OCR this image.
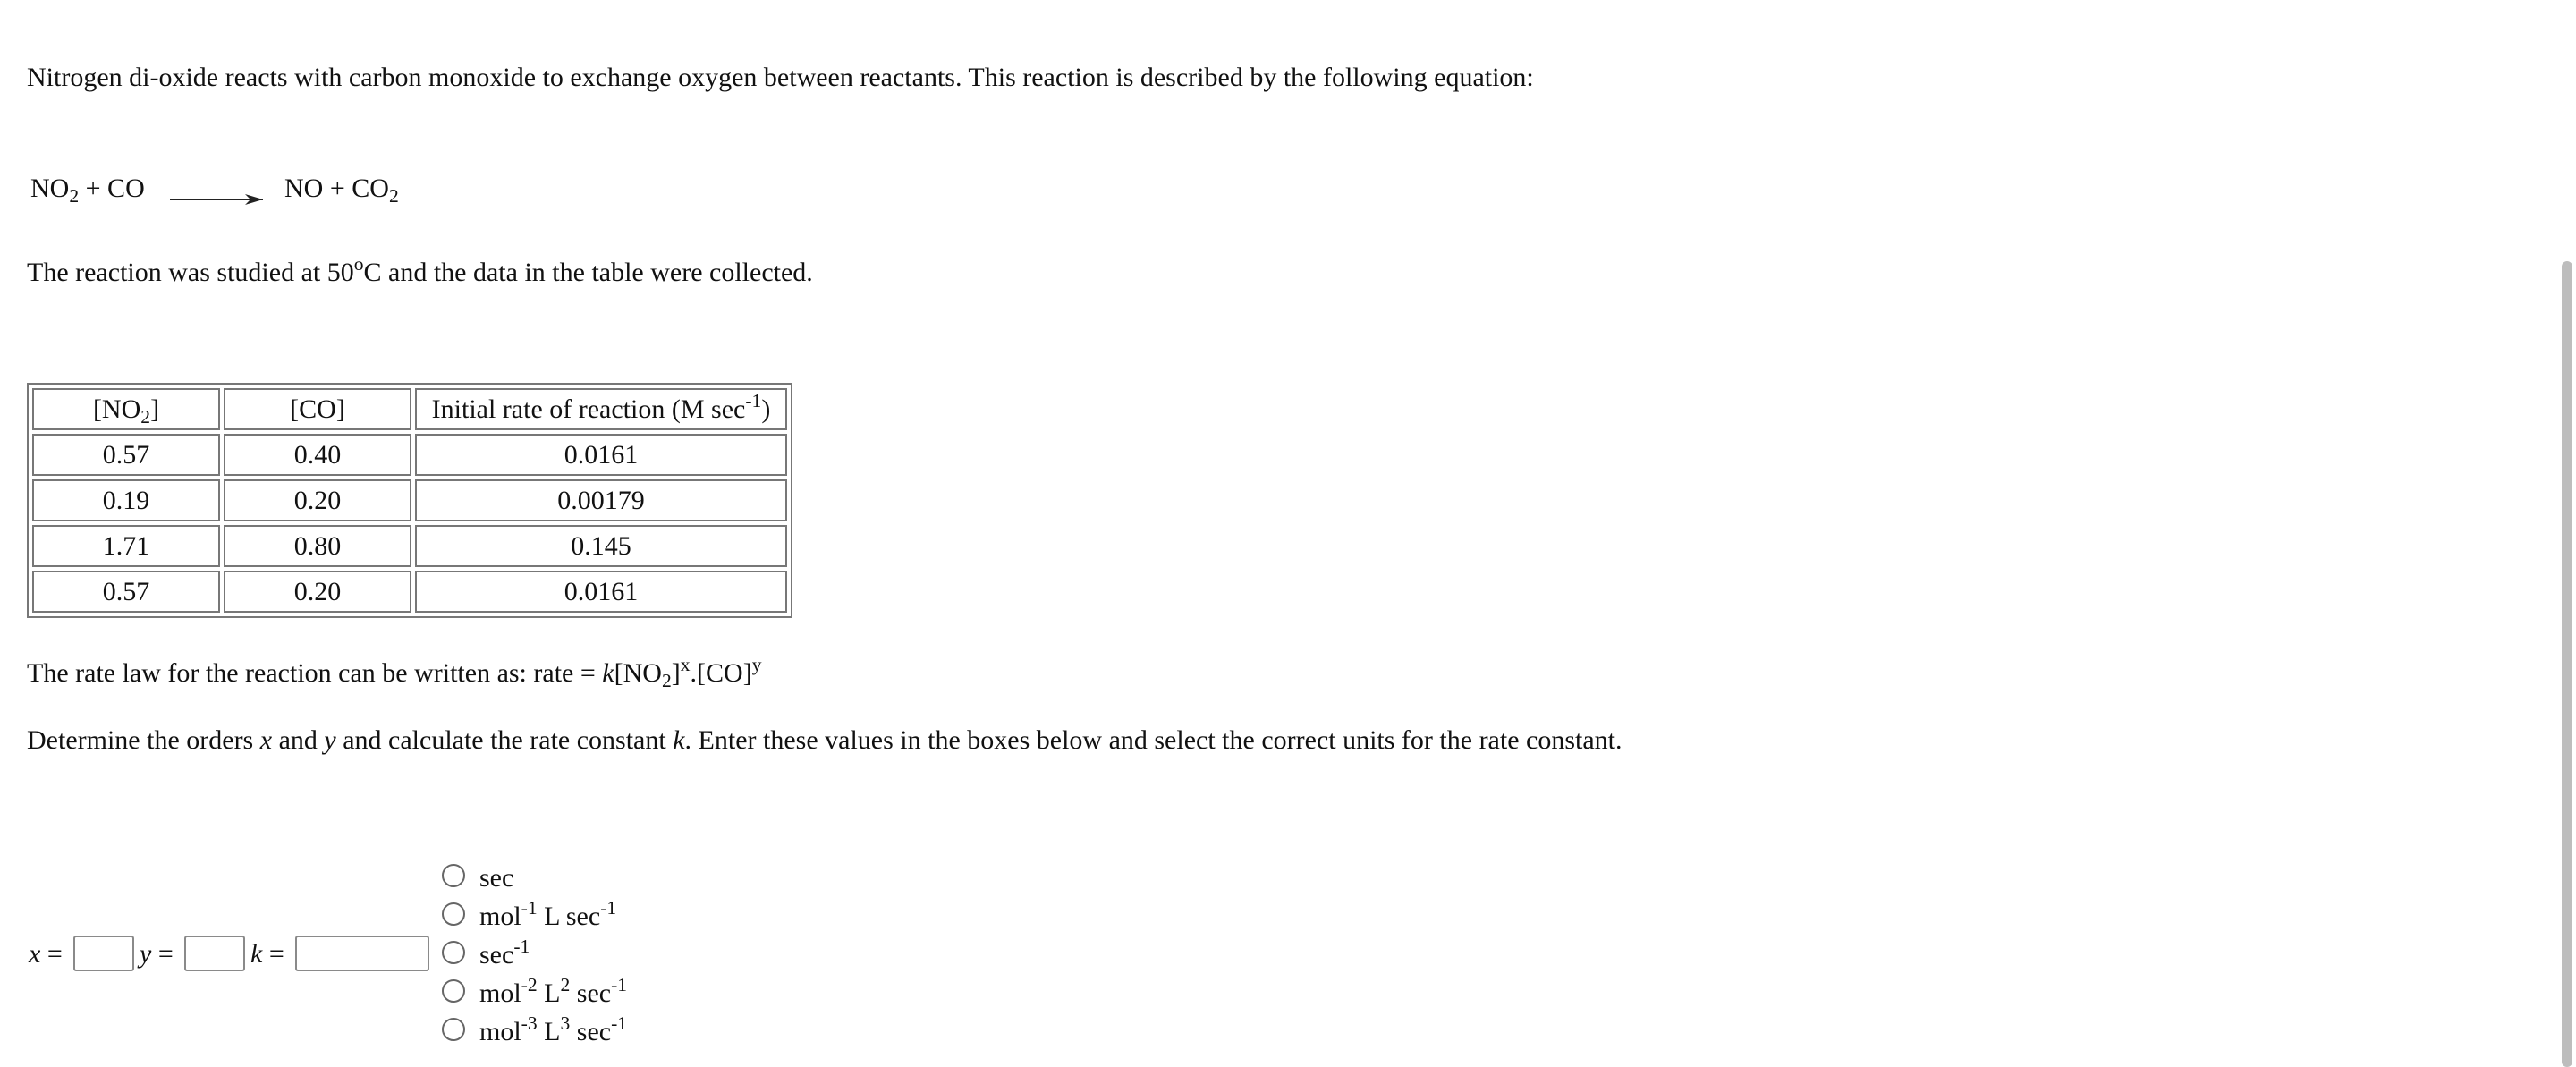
Nitrogen di-oxide reacts with carbon monoxide to exchange oxygen between reactants. This reaction is described by the following equation:
$NO_2$ + CO → NO + $CO_2$
The reaction was studied at 50$^o$C and the data in the table were collected.
$[NO_2]$	[CO]	Initial rate of reaction (M $\sec^{-1}$)
0.57	0.40	0.0161
0.19	0.20	0.00179
1.71	0.80	0.145
0.57	0.20	0.0161
The rate law for the reaction can be written as: rate = $k[NO_2]^x.[CO]^y$
Determine the orders x and y and calculate the rate constant k. Enter these values in the boxes below and select the correct units for the rate constant.
x =	y =	k =
sec
mol$^{-1}$ L $\sec^{-1}$
$\sec^{-1}$
mol$^{-2}$ $L^2$ $\sec^{-1}$
mol$^{-3}$ $L^3$ $\sec^{-1}$
